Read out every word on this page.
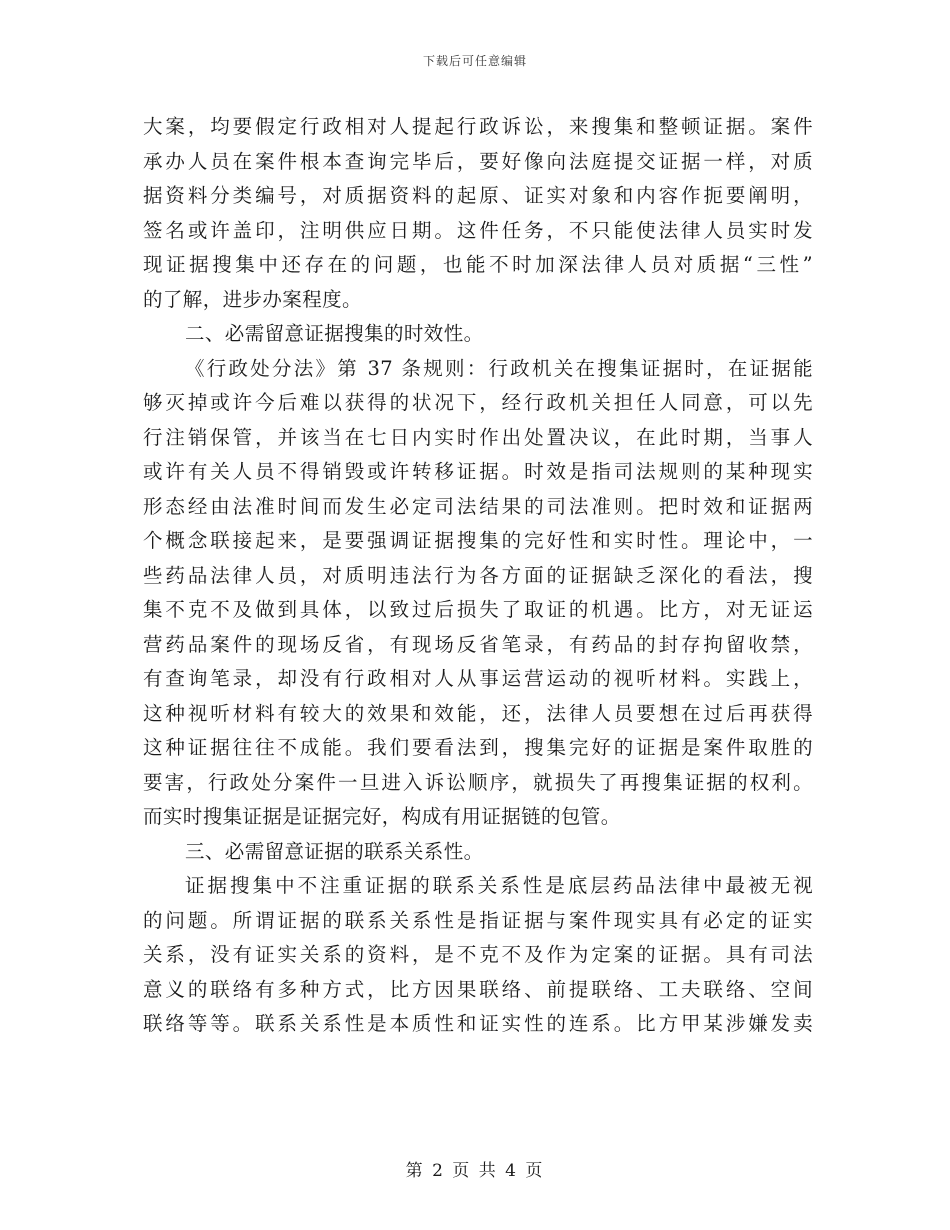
下载后可任意编辑
大案，均要假定行政相对人提起行政诉讼，来搜集和整顿证据。案件
承办人员在案件根本查询完毕后，要好像向法庭提交证据一样，对质
据资料分类编号，对质据资料的起原、证实对象和内容作扼要阐明，
签名或许盖印，注明供应日期。这件任务，不只能使法律人员实时发
现证据搜集中还存在的问题，也能不时加深法律人员对质据“三性”
的了解，进步办案程度。
二、必需留意证据搜集的时效性。
《行政处分法》第 37 条规则：行政机关在搜集证据时，在证据能
够灭掉或许今后难以获得的状况下，经行政机关担任人同意，可以先
行注销保管，并该当在七日内实时作出处置决议，在此时期，当事人
或许有关人员不得销毁或许转移证据。时效是指司法规则的某种现实
形态经由法准时间而发生必定司法结果的司法准则。把时效和证据两
个概念联接起来，是要强调证据搜集的完好性和实时性。理论中，一
些药品法律人员，对质明违法行为各方面的证据缺乏深化的看法，搜
集不克不及做到具体，以致过后损失了取证的机遇。比方，对无证运
营药品案件的现场反省，有现场反省笔录，有药品的封存拘留收禁，
有查询笔录，却没有行政相对人从事运营运动的视听材料。实践上，
这种视听材料有较大的效果和效能，还，法律人员要想在过后再获得
这种证据往往不成能。我们要看法到，搜集完好的证据是案件取胜的
要害，行政处分案件一旦进入诉讼顺序，就损失了再搜集证据的权利。
而实时搜集证据是证据完好，构成有用证据链的包管。
三、必需留意证据的联系关系性。
证据搜集中不注重证据的联系关系性是底层药品法律中最被无视
的问题。所谓证据的联系关系性是指证据与案件现实具有必定的证实
关系，没有证实关系的资料，是不克不及作为定案的证据。具有司法
意义的联络有多种方式，比方因果联络、前提联络、工夫联络、空间
联络等等。联系关系性是本质性和证实性的连系。比方甲某涉嫌发卖
第 2 页 共 4 页
